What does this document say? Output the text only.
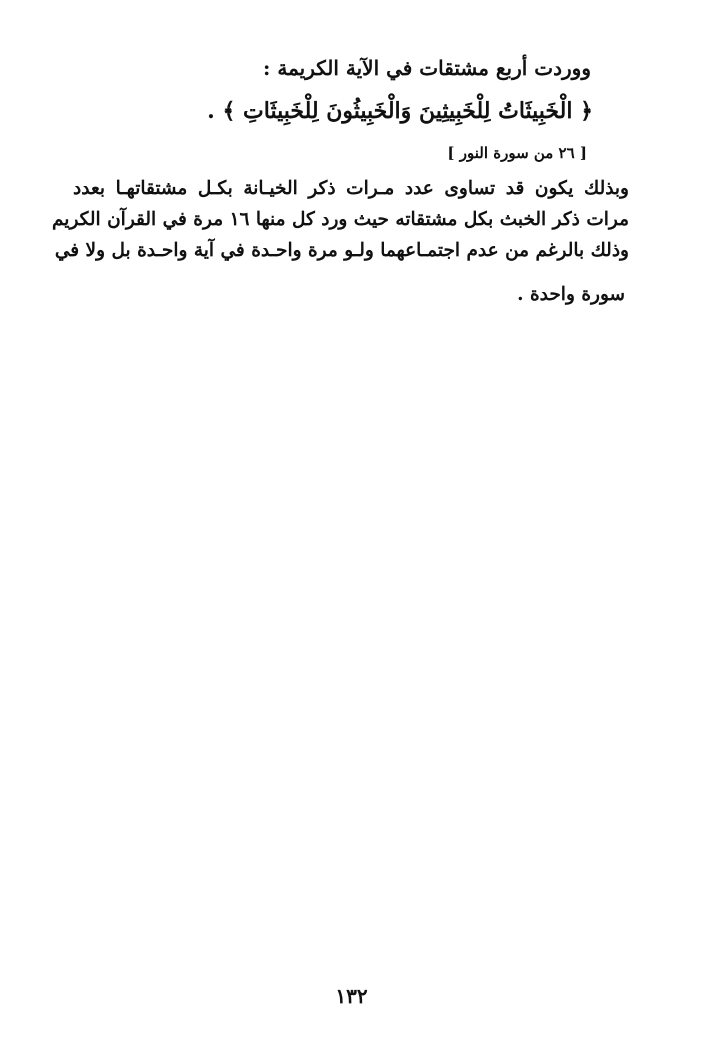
ووردت أربع مشتقات في الآية الكريمة :
﴿ الْخَبِيثَاتُ لِلْخَبِيثِينَ وَالْخَبِيثُونَ لِلْخَبِيثَاتِ ﴾ .
[ ٢٦ من سورة النور ]
وبذلك يكون قد تساوى عدد مـرات ذكر الخيـانة بكـل مشتقاتهـا بعدد
مرات ذكر الخبث بكل مشتقاته حيث ورد كل منها ١٦ مرة في القرآن الكريم
وذلك بالرغم من عدم اجتمـاعهما ولـو مرة واحـدة في آية واحـدة بل ولا في
سورة واحدة .
١٣٢
